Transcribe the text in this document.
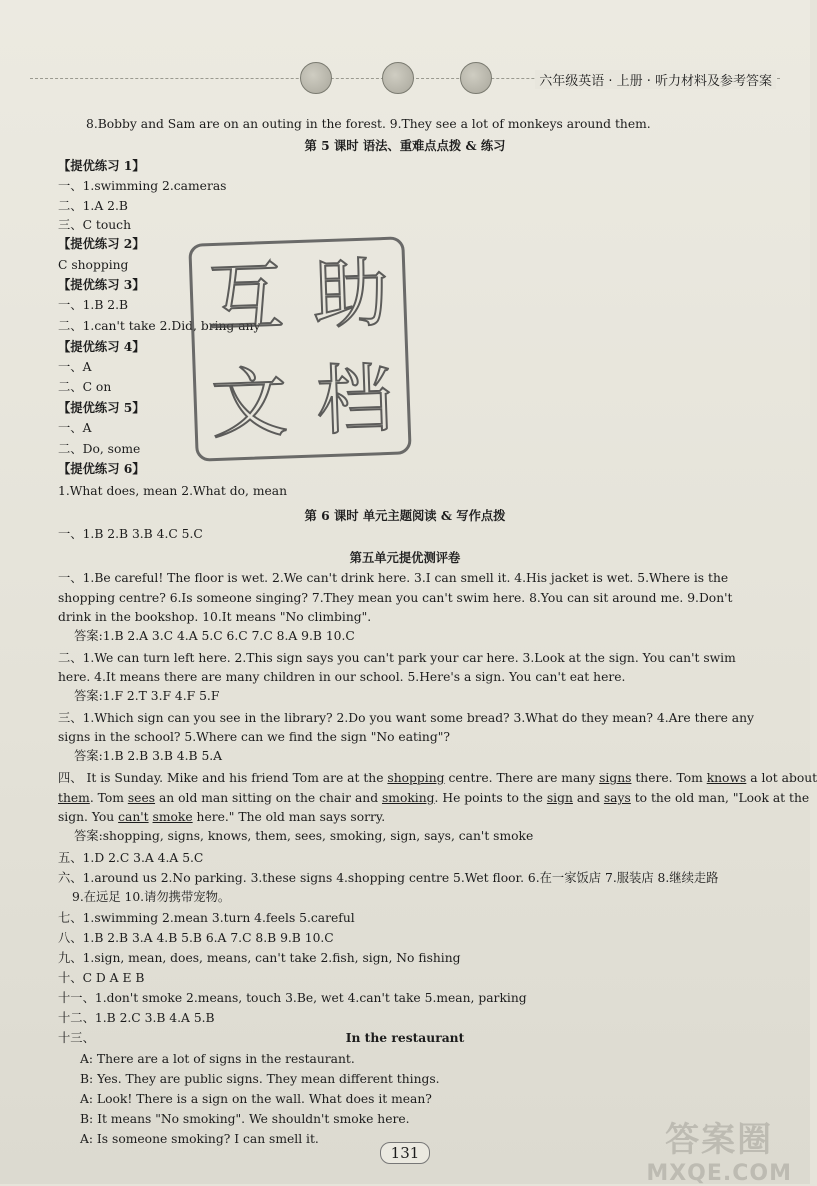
六年级英语 · 上册 · 听力材料及参考答案
8.Bobby and Sam are on an outing in the forest. 9.They see a lot of monkeys around them.
第 5 课时 语法、重难点点拨 & 练习
【提优练习 1】
一、1.swimming 2.cameras
二、1.A 2.B
三、C touch
【提优练习 2】
C shopping
【提优练习 3】
一、1.B 2.B
二、1.can't take 2.Did, bring any
【提优练习 4】
一、A
二、C on
【提优练习 5】
一、A
二、Do, some
【提优练习 6】
1.What does, mean 2.What do, mean
互 助
文 档
第 6 课时 单元主题阅读 & 写作点拨
一、1.B 2.B 3.B 4.C 5.C
第五单元提优测评卷
一、1.Be careful! The floor is wet. 2.We can't drink here. 3.I can smell it. 4.His jacket is wet. 5.Where is the
shopping centre? 6.Is someone singing? 7.They mean you can't swim here. 8.You can sit around me. 9.Don't
drink in the bookshop. 10.It means "No climbing".
答案:1.B 2.A 3.C 4.A 5.C 6.C 7.C 8.A 9.B 10.C
二、1.We can turn left here. 2.This sign says you can't park your car here. 3.Look at the sign. You can't swim
here. 4.It means there are many children in our school. 5.Here's a sign. You can't eat here.
答案:1.F 2.T 3.F 4.F 5.F
三、1.Which sign can you see in the library? 2.Do you want some bread? 3.What do they mean? 4.Are there any
signs in the school? 5.Where can we find the sign "No eating"?
答案:1.B 2.B 3.B 4.B 5.A
四、 It is Sunday. Mike and his friend Tom are at the shopping centre. There are many signs there. Tom knows a lot about
them. Tom sees an old man sitting on the chair and smoking. He points to the sign and says to the old man, "Look at the
sign. You can't smoke here." The old man says sorry.
答案:shopping, signs, knows, them, sees, smoking, sign, says, can't smoke
五、1.D 2.C 3.A 4.A 5.C
六、1.around us 2.No parking. 3.these signs 4.shopping centre 5.Wet floor. 6.在一家饭店 7.服装店 8.继续走路
9.在远足 10.请勿携带宠物。
七、1.swimming 2.mean 3.turn 4.feels 5.careful
八、1.B 2.B 3.A 4.B 5.B 6.A 7.C 8.B 9.B 10.C
九、1.sign, mean, does, means, can't take 2.fish, sign, No fishing
十、C D A E B
十一、1.don't smoke 2.means, touch 3.Be, wet 4.can't take 5.mean, parking
十二、1.B 2.C 3.B 4.A 5.B
十三、	In the restaurant
A: There are a lot of signs in the restaurant.
B: Yes. They are public signs. They mean different things.
A: Look! There is a sign on the wall. What does it mean?
B: It means "No smoking". We shouldn't smoke here.
A: Is someone smoking? I can smell it.
131	答案圈
MXQE.COM
